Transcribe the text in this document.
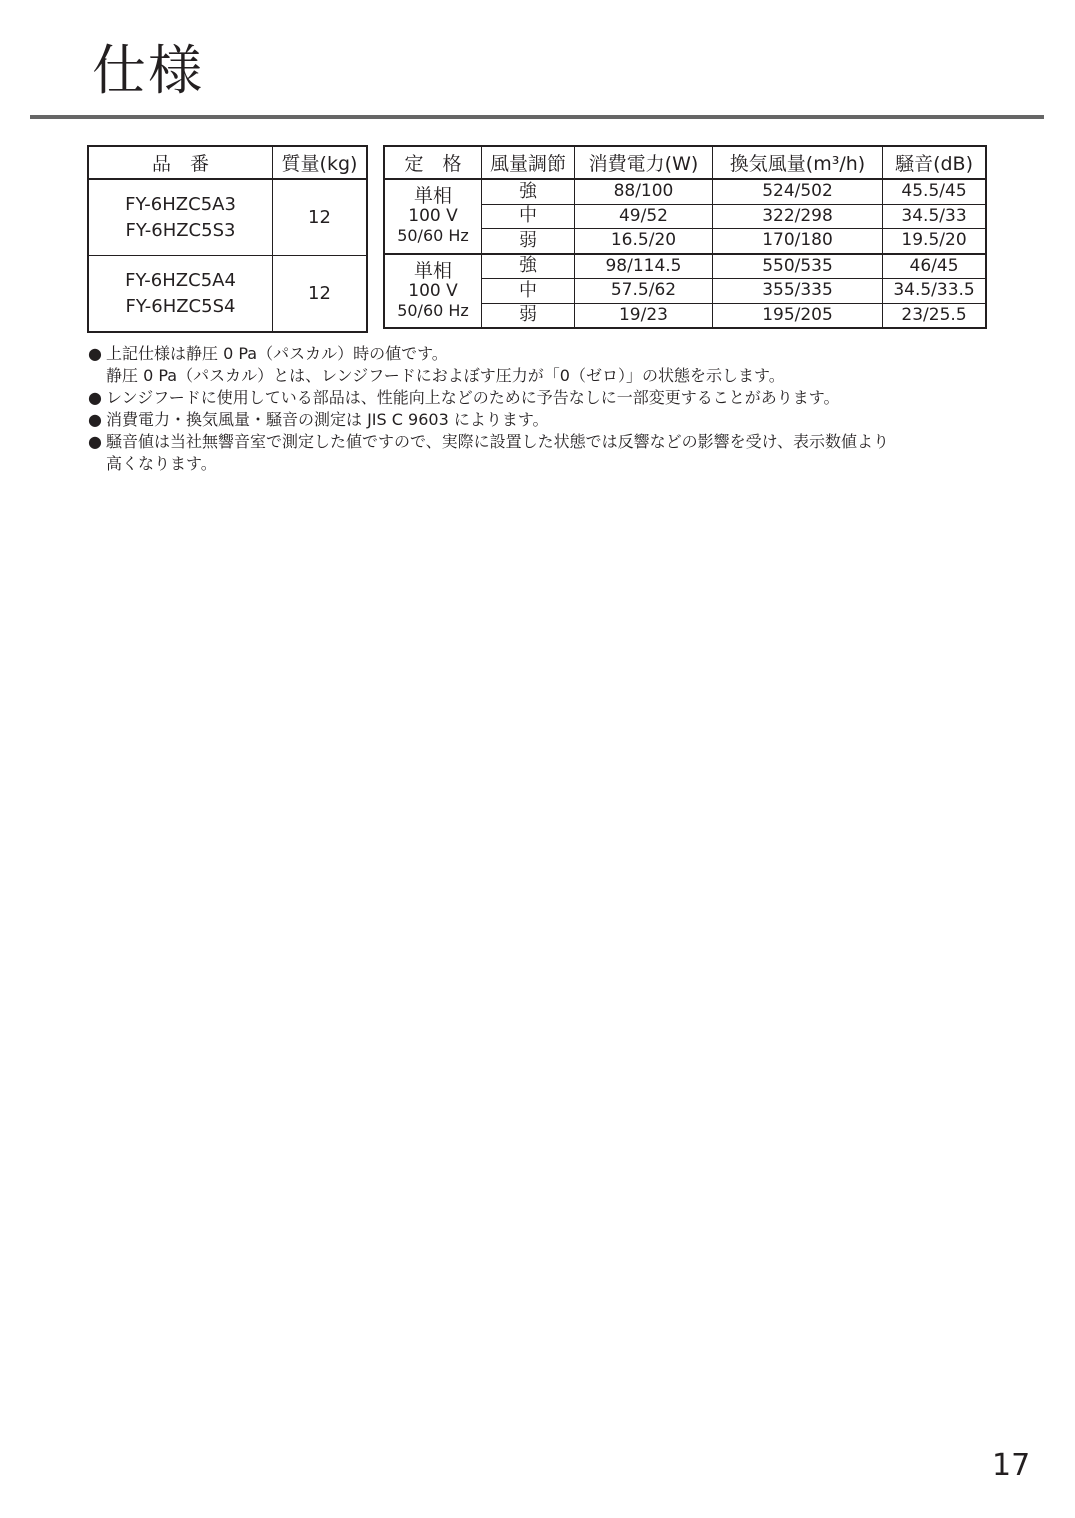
仕様
品　番	質量(kg)

FY-6HZC5A3
FY-6HZC5S3	12

FY-6HZC5A4
FY-6HZC5S4	12
定　格	風量調節	消費電力(W)	換気風量(m³/h)	騒音(dB)

単相
100 V
50/60 Hz	強	88/100	524/502	45.5/45
	中	49/52	322/298	34.5/33
	弱	16.5/20	170/180	19.5/20

単相
100 V
50/60 Hz	強	98/114.5	550/535	46/45
	中	57.5/62	355/335	34.5/33.5
	弱	19/23	195/205	23/25.5
● 上記仕様は静圧 0 Pa（パスカル）時の値です。
静圧 0 Pa（パスカル）とは、レンジフードにおよぼす圧力が「0（ゼロ）」の状態を示します。
● レンジフードに使用している部品は、性能向上などのために予告なしに一部変更することがあります。
● 消費電力・換気風量・騒音の測定は JIS C 9603 によります。
● 騒音値は当社無響音室で測定した値ですので、実際に設置した状態では反響などの影響を受け、表示数値より
高くなります。
17
